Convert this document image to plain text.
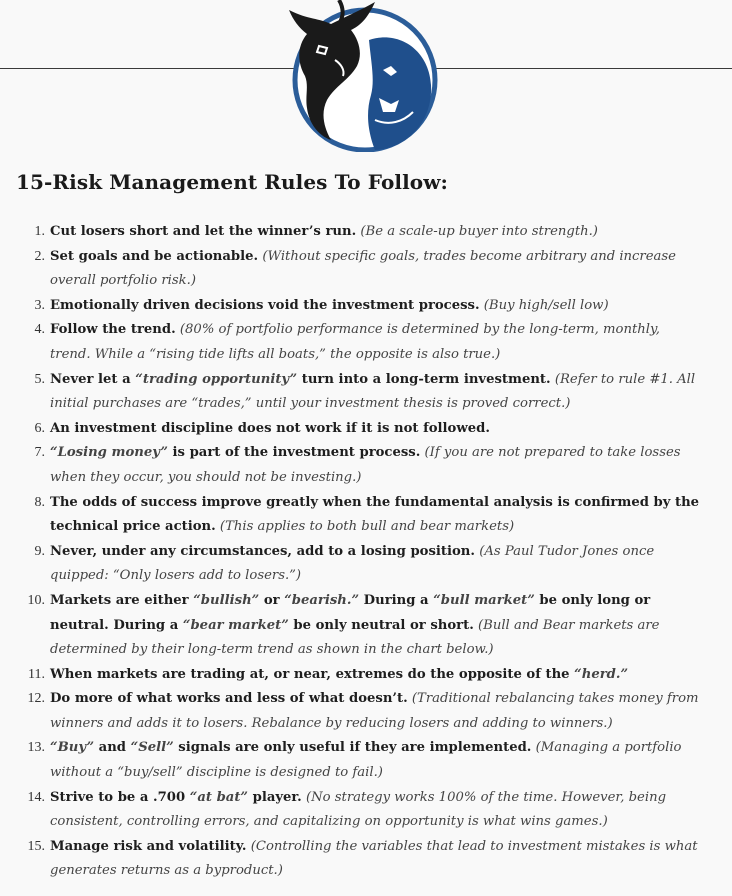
15-Risk Management Rules To Follow:
1. Cut losers short and let the winner’s run. (Be a scale-up buyer into strength.)
2. Set goals and be actionable. (Without specific goals, trades become arbitrary and increase overall portfolio risk.)
3. Emotionally driven decisions void the investment process. (Buy high/sell low)
4. Follow the trend. (80% of portfolio performance is determined by the long-term, monthly, trend. While a “rising tide lifts all boats,” the opposite is also true.)
5. Never let a “trading opportunity” turn into a long-term investment. (Refer to rule #1. All initial purchases are “trades,” until your investment thesis is proved correct.)
6. An investment discipline does not work if it is not followed.
7. “Losing money” is part of the investment process. (If you are not prepared to take losses when they occur, you should not be investing.)
8. The odds of success improve greatly when the fundamental analysis is confirmed by the technical price action. (This applies to both bull and bear markets)
9. Never, under any circumstances, add to a losing position. (As Paul Tudor Jones once quipped: “Only losers add to losers.”)
10. Markets are either “bullish” or “bearish.” During a “bull market” be only long or neutral. During a “bear market” be only neutral or short. (Bull and Bear markets are determined by their long-term trend as shown in the chart below.)
11. When markets are trading at, or near, extremes do the opposite of the “herd.”
12. Do more of what works and less of what doesn’t. (Traditional rebalancing takes money from winners and adds it to losers. Rebalance by reducing losers and adding to winners.)
13. “Buy” and “Sell” signals are only useful if they are implemented. (Managing a portfolio without a “buy/sell” discipline is designed to fail.)
14. Strive to be a .700 “at bat” player. (No strategy works 100% of the time. However, being consistent, controlling errors, and capitalizing on opportunity is what wins games.)
15. Manage risk and volatility. (Controlling the variables that lead to investment mistakes is what generates returns as a byproduct.)
